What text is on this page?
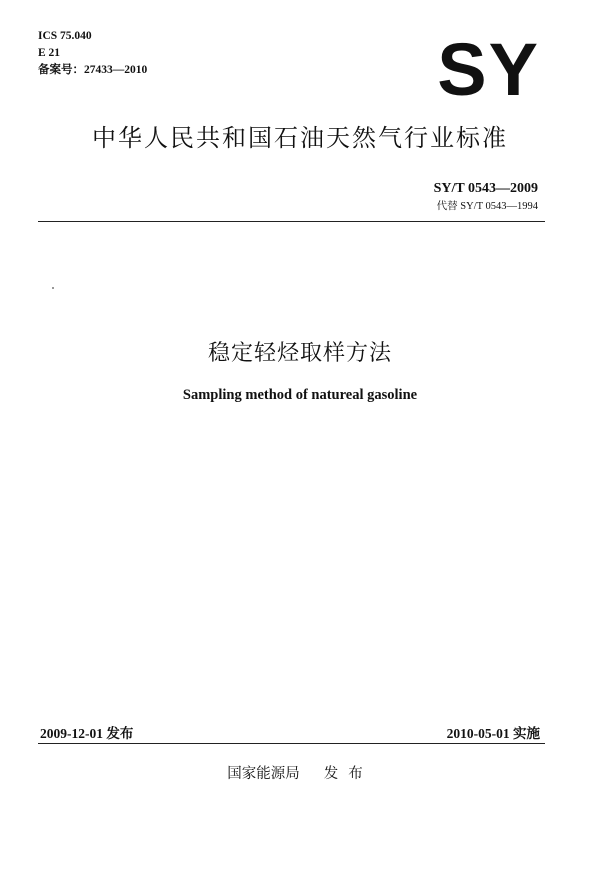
ICS 75.040
E 21
备案号：27433—2010	SY
中华人民共和国石油天然气行业标准
SY/T 0543—2009
代替 SY/T 0543—1994
稳定轻烃取样方法
Sampling method of natureal gasoline
2009-12-01 发布	2010-05-01 实施
国家能源局 发布
